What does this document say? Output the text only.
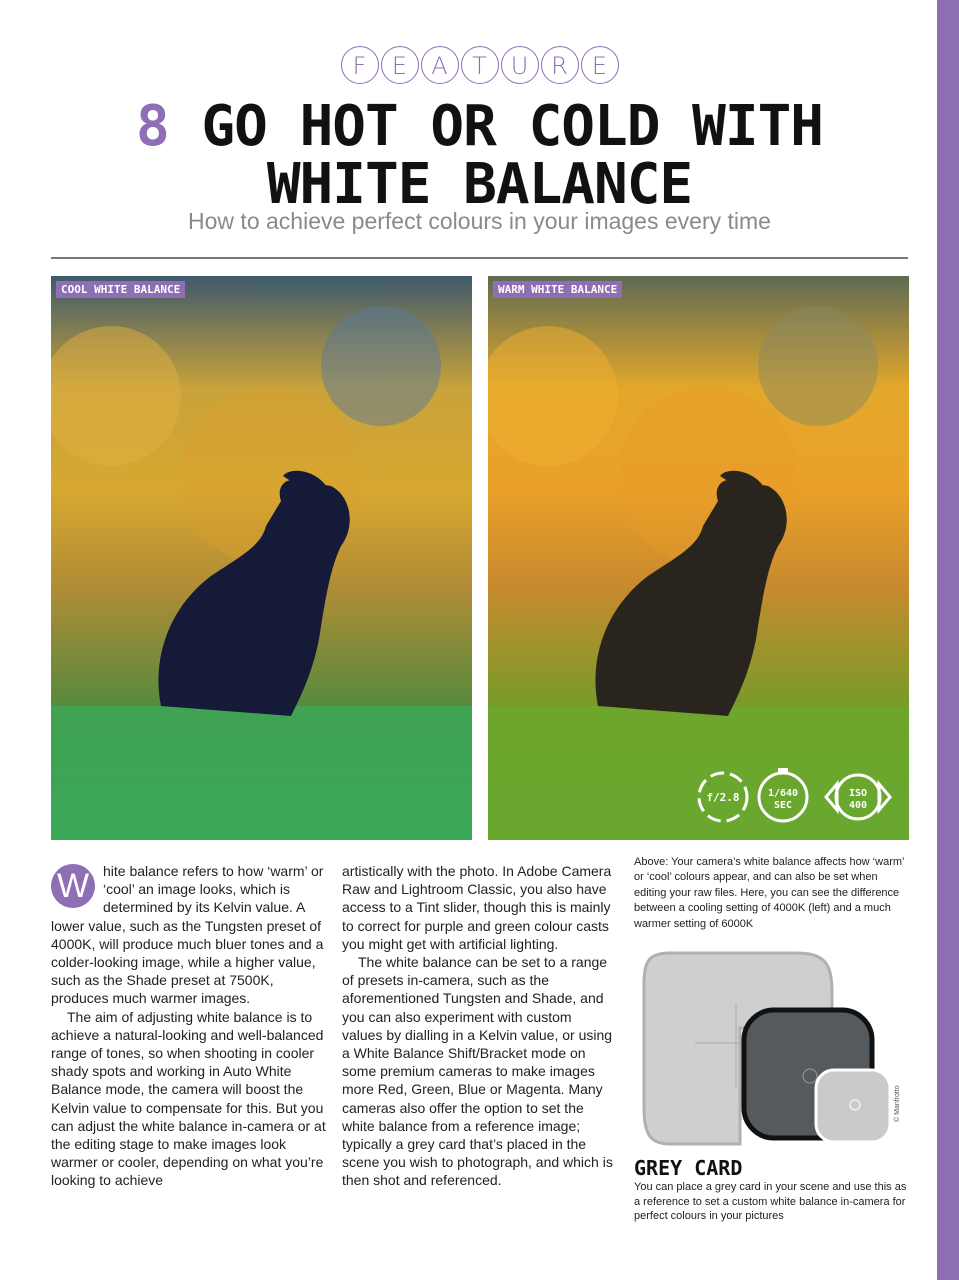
F E A T U R E
8 GO HOT OR COLD WITH
WHITE BALANCE
How to achieve perfect colours in your images every time
COOL WHITE BALANCE	WARM WHITE BALANCE
f/2.8	1/640
SEC
ISO
400

W hite balance refers to how ‘warm’ or ‘cool’ an image looks, which is determined by its Kelvin value. A lower value, such as the Tungsten preset of 4000K, will produce much bluer tones and a colder-looking image, while a higher value, such as the Shade preset at 7500K, produces much warmer images.

The aim of adjusting white balance is to achieve a natural-looking and well-balanced range of tones, so when shooting in cooler shady spots and working in Auto White Balance mode, the camera will boost the Kelvin value to compensate for this. But you can adjust the white balance in-camera or at the editing stage to make images look warmer or cooler, depending on what you’re looking to achieve

artistically with the photo. In Adobe Camera Raw and Lightroom Classic, you also have access to a Tint slider, though this is mainly to correct for purple and green colour casts you might get with artificial lighting.

The white balance can be set to a range of presets in-camera, such as the aforementioned Tungsten and Shade, and you can also experiment with custom values by dialling in a Kelvin value, or using a White Balance Shift/Bracket mode on some premium cameras to make images more Red, Green, Blue or Magenta. Many cameras also offer the option to set the white balance from a reference image; typically a grey card that’s placed in the scene you wish to photograph, and which is then shot and referenced.

Above: Your camera’s white balance affects how ‘warm’ or ‘cool’ colours appear, and can also be set when editing your raw files. Here, you can see the difference between a cooling setting of 4000K (left) and a much warmer setting of 6000K
© Manfrotto
GREY CARD
You can place a grey card in your scene and use this as a reference to set a custom white balance in-camera for perfect colours in your pictures
